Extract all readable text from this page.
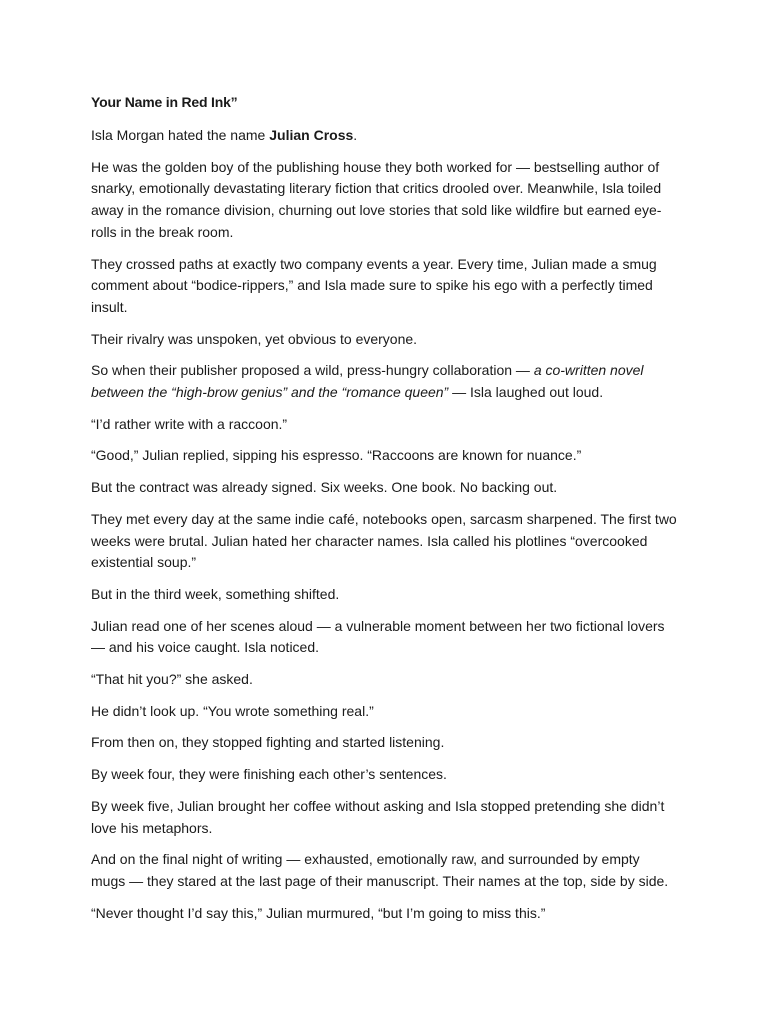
Your Name in Red Ink”

Isla Morgan hated the name Julian Cross.

He was the golden boy of the publishing house they both worked for — bestselling author of snarky, emotionally devastating literary fiction that critics drooled over. Meanwhile, Isla toiled away in the romance division, churning out love stories that sold like wildfire but earned eye-rolls in the break room.

They crossed paths at exactly two company events a year. Every time, Julian made a smug comment about “bodice-rippers,” and Isla made sure to spike his ego with a perfectly timed insult.

Their rivalry was unspoken, yet obvious to everyone.

So when their publisher proposed a wild, press-hungry collaboration — a co-written novel between the “high-brow genius” and the “romance queen” — Isla laughed out loud.

“I’d rather write with a raccoon.”

“Good,” Julian replied, sipping his espresso. “Raccoons are known for nuance.”

But the contract was already signed. Six weeks. One book. No backing out.

They met every day at the same indie café, notebooks open, sarcasm sharpened. The first two weeks were brutal. Julian hated her character names. Isla called his plotlines “overcooked existential soup.”

But in the third week, something shifted.

Julian read one of her scenes aloud — a vulnerable moment between her two fictional lovers — and his voice caught. Isla noticed.

“That hit you?” she asked.

He didn’t look up. “You wrote something real.”

From then on, they stopped fighting and started listening.

By week four, they were finishing each other’s sentences.

By week five, Julian brought her coffee without asking and Isla stopped pretending she didn’t love his metaphors.

And on the final night of writing — exhausted, emotionally raw, and surrounded by empty mugs — they stared at the last page of their manuscript. Their names at the top, side by side.

“Never thought I’d say this,” Julian murmured, “but I’m going to miss this.”
